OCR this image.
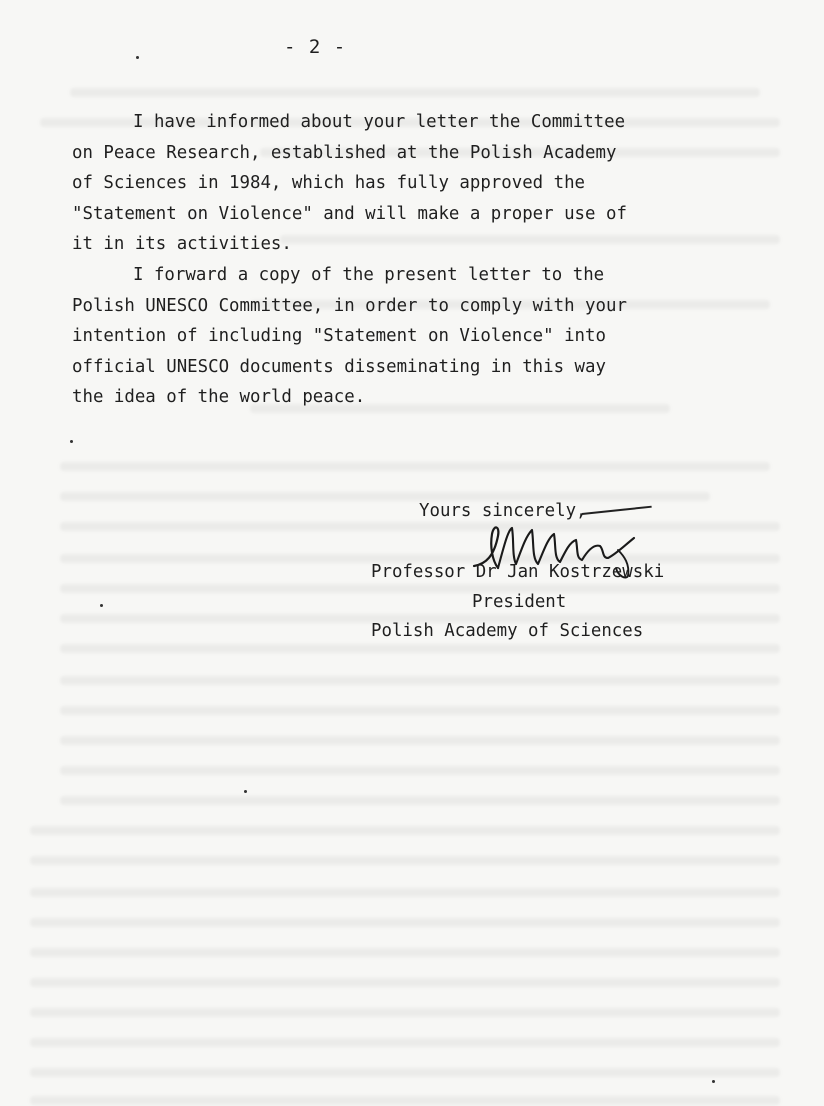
- 2 -

I have informed about your letter the Committee
on Peace Research, established at the Polish Academy
of Sciences in 1984, which has fully approved the
"Statement on Violence" and will make a proper use of
it in its activities.
I forward a copy of the present letter to the
Polish UNESCO Committee, in order to comply with your
intention of including "Statement on Violence" into
official UNESCO documents disseminating in this way
the idea of the world peace.

Yours sincerely,
Professor Dr Jan Kostrzewski
President
Polish Academy of Sciences
